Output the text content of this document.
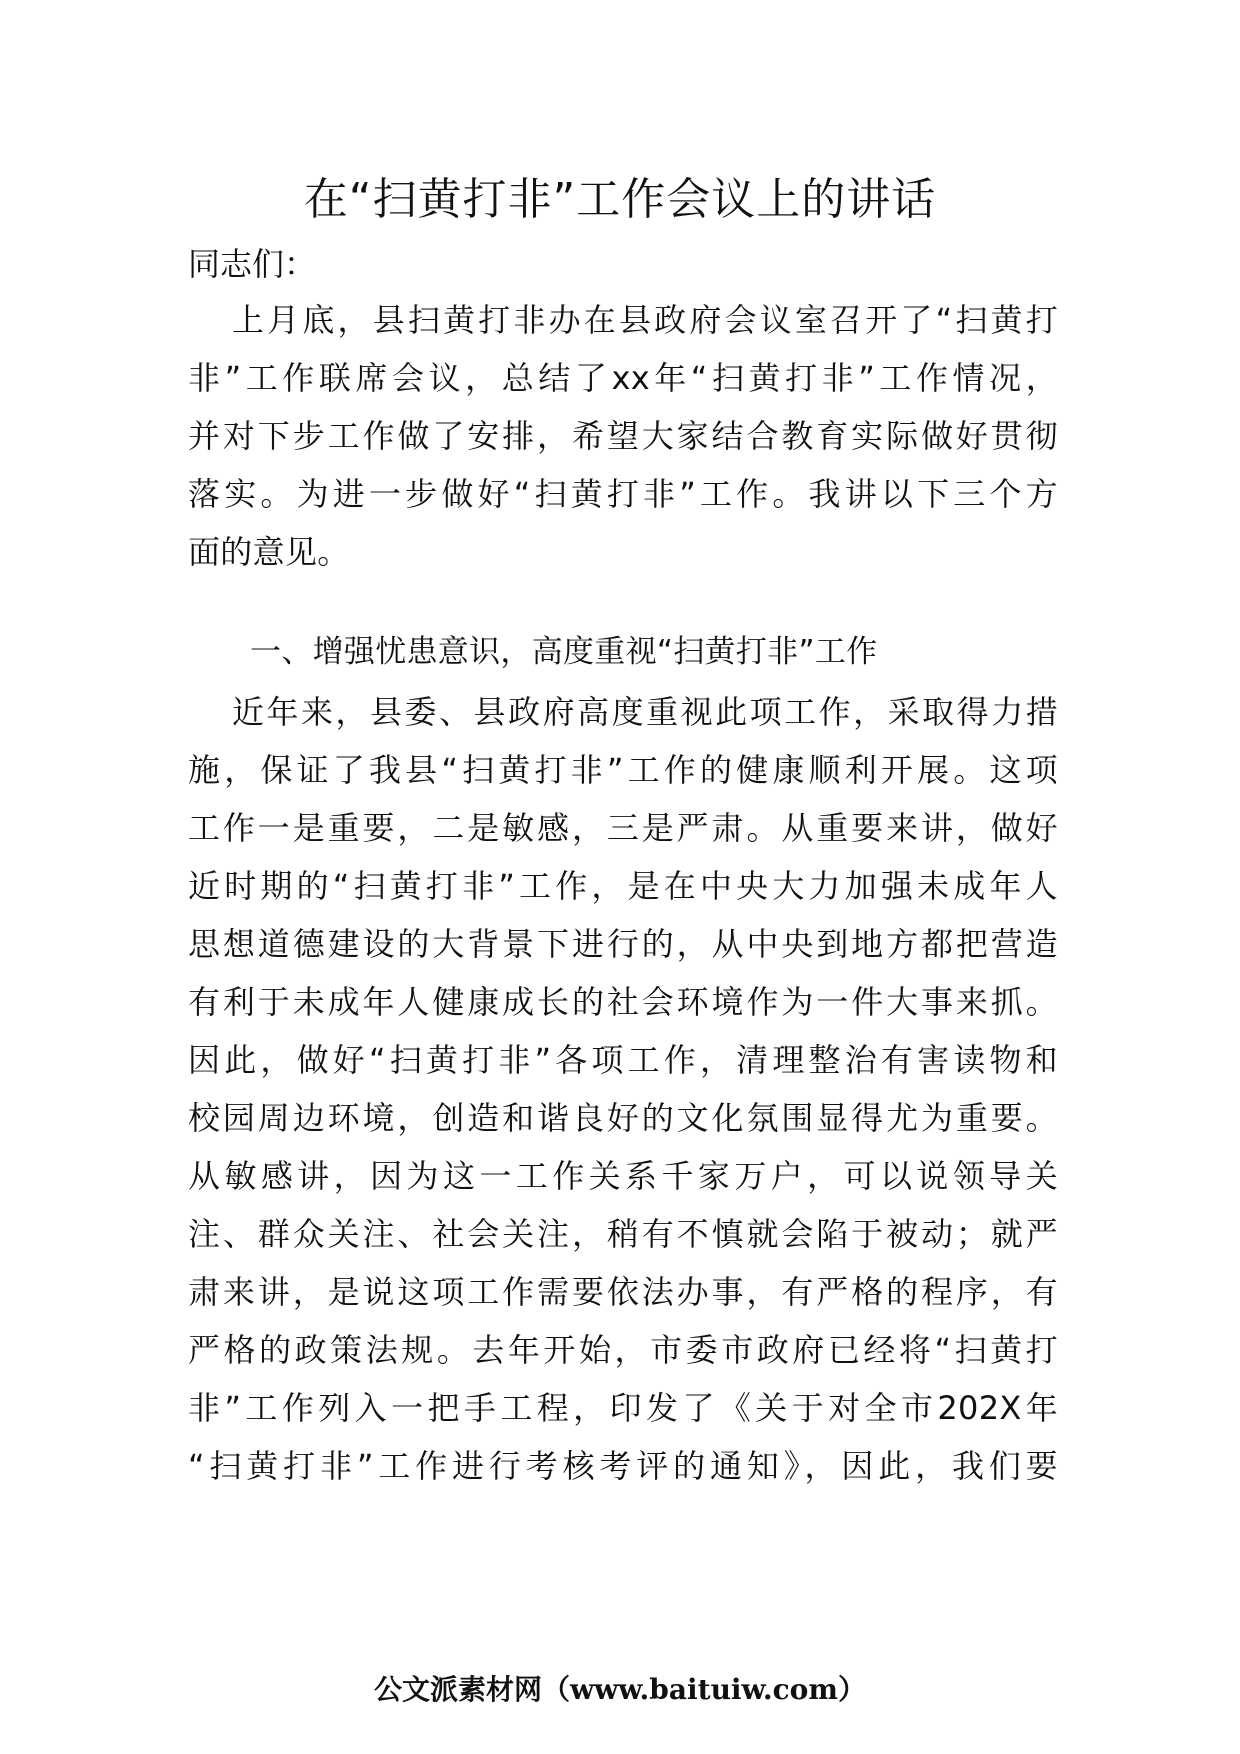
在“扫黄打非”工作会议上的讲话
同志们：
上月底，县扫黄打非办在县政府会议室召开了“扫黄打
非”工作联席会议，总结了xx年“扫黄打非”工作情况，
并对下步工作做了安排，希望大家结合教育实际做好贯彻
落实。为进一步做好“扫黄打非”工作。我讲以下三个方
面的意见。
一、增强忧患意识，高度重视“扫黄打非”工作
近年来，县委、县政府高度重视此项工作，采取得力措
施，保证了我县“扫黄打非”工作的健康顺利开展。这项
工作一是重要，二是敏感，三是严肃。从重要来讲，做好
近时期的“扫黄打非”工作，是在中央大力加强未成年人
思想道德建设的大背景下进行的，从中央到地方都把营造
有利于未成年人健康成长的社会环境作为一件大事来抓。
因此，做好“扫黄打非”各项工作，清理整治有害读物和
校园周边环境，创造和谐良好的文化氛围显得尤为重要。
从敏感讲，因为这一工作关系千家万户，可以说领导关
注、群众关注、社会关注，稍有不慎就会陷于被动；就严
肃来讲，是说这项工作需要依法办事，有严格的程序，有
严格的政策法规。去年开始，市委市政府已经将“扫黄打
非”工作列入一把手工程，印发了《关于对全市202X年
“扫黄打非”工作进行考核考评的通知》，因此，我们要
公文派素材网（www.baituiw.com）
